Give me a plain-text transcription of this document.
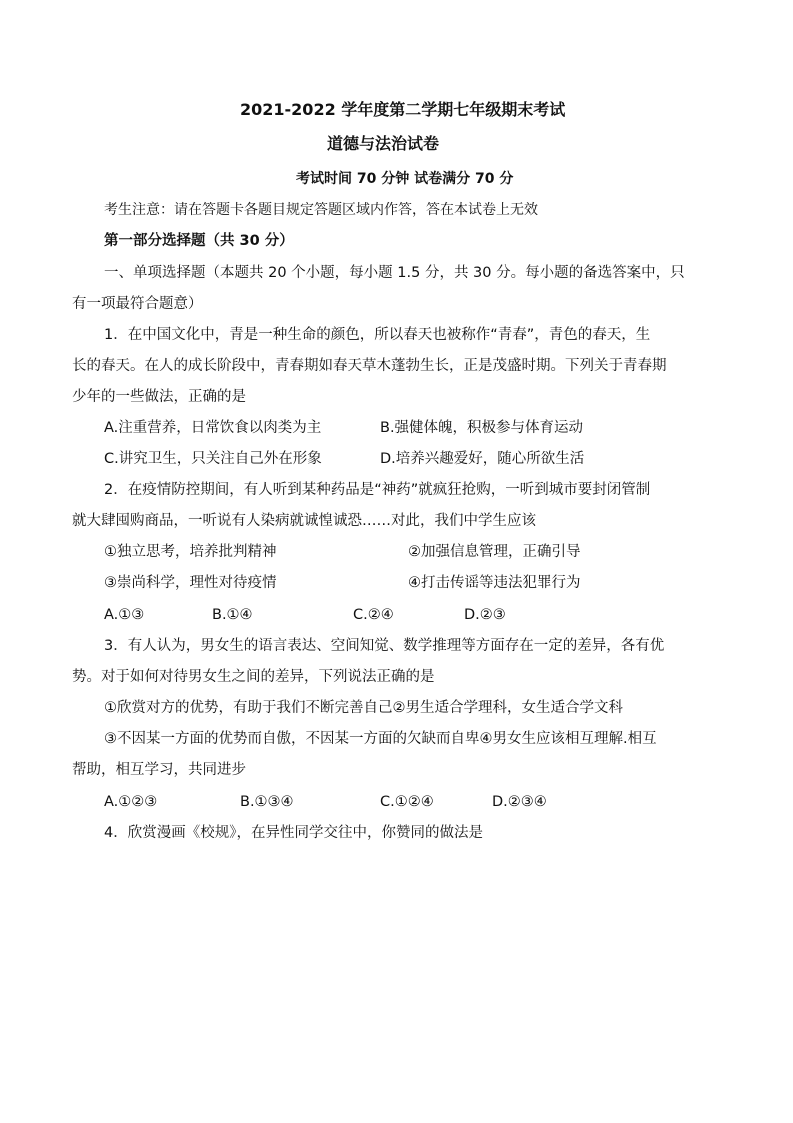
2021-2022 学年度第二学期七年级期末考试
道德与法治试卷
考试时间 70 分钟 试卷满分 70 分
考生注意：请在答题卡各题目规定答题区域内作答，答在本试卷上无效
第一部分选择题（共 30 分）
一、单项选择题（本题共 20 个小题，每小题 1.5 分，共 30 分。每小题的备选答案中，只
有一项最符合题意）
1．在中国文化中，青是一种生命的颜色，所以春天也被称作“青春”，青色的春天，生
长的春天。在人的成长阶段中，青春期如春天草木蓬勃生长，正是茂盛时期。下列关于青春期
少年的一些做法，正确的是
A.注重营养，日常饮食以肉类为主	B.强健体魄，积极参与体育运动
C.讲究卫生，只关注自己外在形象	D.培养兴趣爱好，随心所欲生活
2．在疫情防控期间，有人听到某种药品是“神药”就疯狂抢购，一听到城市要封闭管制
就大肆囤购商品，一听说有人染病就诚惶诚恐……对此，我们中学生应该
①独立思考，培养批判精神	②加强信息管理，正确引导
③崇尚科学，理性对待疫情	④打击传谣等违法犯罪行为
A.①③	B.①④	C.②④	D.②③
3．有人认为，男女生的语言表达、空间知觉、数学推理等方面存在一定的差异，各有优
势。对于如何对待男女生之间的差异，下列说法正确的是
①欣赏对方的优势，有助于我们不断完善自己②男生适合学理科，女生适合学文科
③不因某一方面的优势而自傲，不因某一方面的欠缺而自卑④男女生应该相互理解.相互
帮助，相互学习，共同进步
A.①②③	B.①③④	C.①②④	D.②③④
4．欣赏漫画《校规》，在异性同学交往中，你赞同的做法是
